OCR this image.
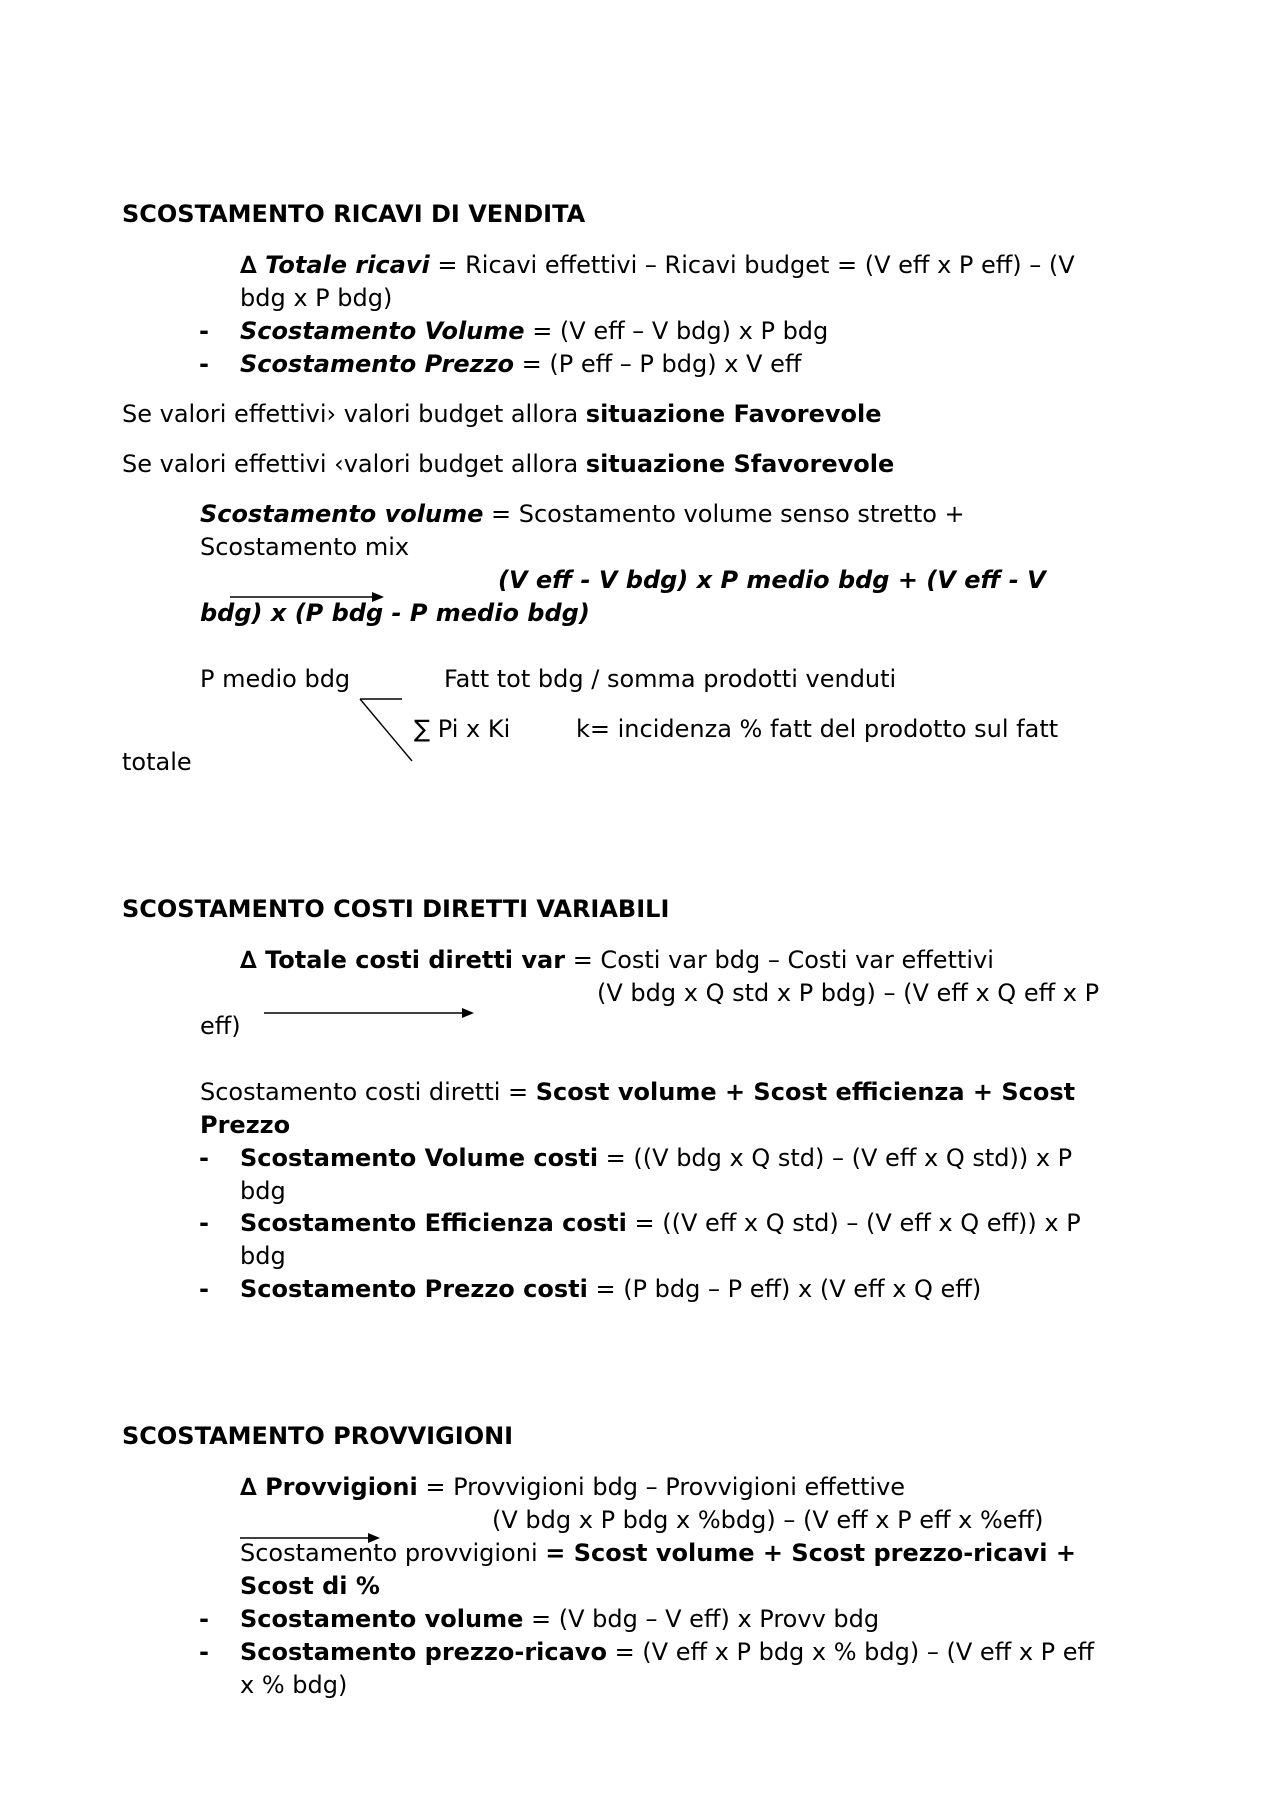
SCOSTAMENTO RICAVI DI VENDITA
∆ Totale ricavi = Ricavi effettivi – Ricavi budget = (V eff x P eff) – (V
bdg x P bdg)
- Scostamento Volume = (V eff – V bdg) x P bdg
- Scostamento Prezzo = (P eff – P bdg) x V eff
Se valori effettivi› valori budget allora situazione Favorevole
Se valori effettivi ‹valori budget allora situazione Sfavorevole
Scostamento volume = Scostamento volume senso stretto +
Scostamento mix
(V eff - V bdg) x P medio bdg + (V eff - V
bdg) x (P bdg - P medio bdg)
P medio bdg	Fatt tot bdg / somma prodotti venduti
∑ Pi x Ki	k= incidenza % fatt del prodotto sul fatt
totale
SCOSTAMENTO COSTI DIRETTI VARIABILI
∆ Totale costi diretti var = Costi var bdg – Costi var effettivi
(V bdg x Q std x P bdg) – (V eff x Q eff x P
eff)
Scostamento costi diretti = Scost volume + Scost efficienza + Scost
Prezzo
- Scostamento Volume costi = ((V bdg x Q std) – (V eff x Q std)) x P
bdg
- Scostamento Efficienza costi = ((V eff x Q std) – (V eff x Q eff)) x P
bdg
- Scostamento Prezzo costi = (P bdg – P eff) x (V eff x Q eff)
SCOSTAMENTO PROVVIGIONI
∆ Provvigioni = Provvigioni bdg – Provvigioni effettive
(V bdg x P bdg x %bdg) – (V eff x P eff x %eff)
Scostamento provvigioni = Scost volume + Scost prezzo-ricavi +
Scost di %
- Scostamento volume = (V bdg – V eff) x Provv bdg
- Scostamento prezzo-ricavo = (V eff x P bdg x % bdg) – (V eff x P eff
x % bdg)
